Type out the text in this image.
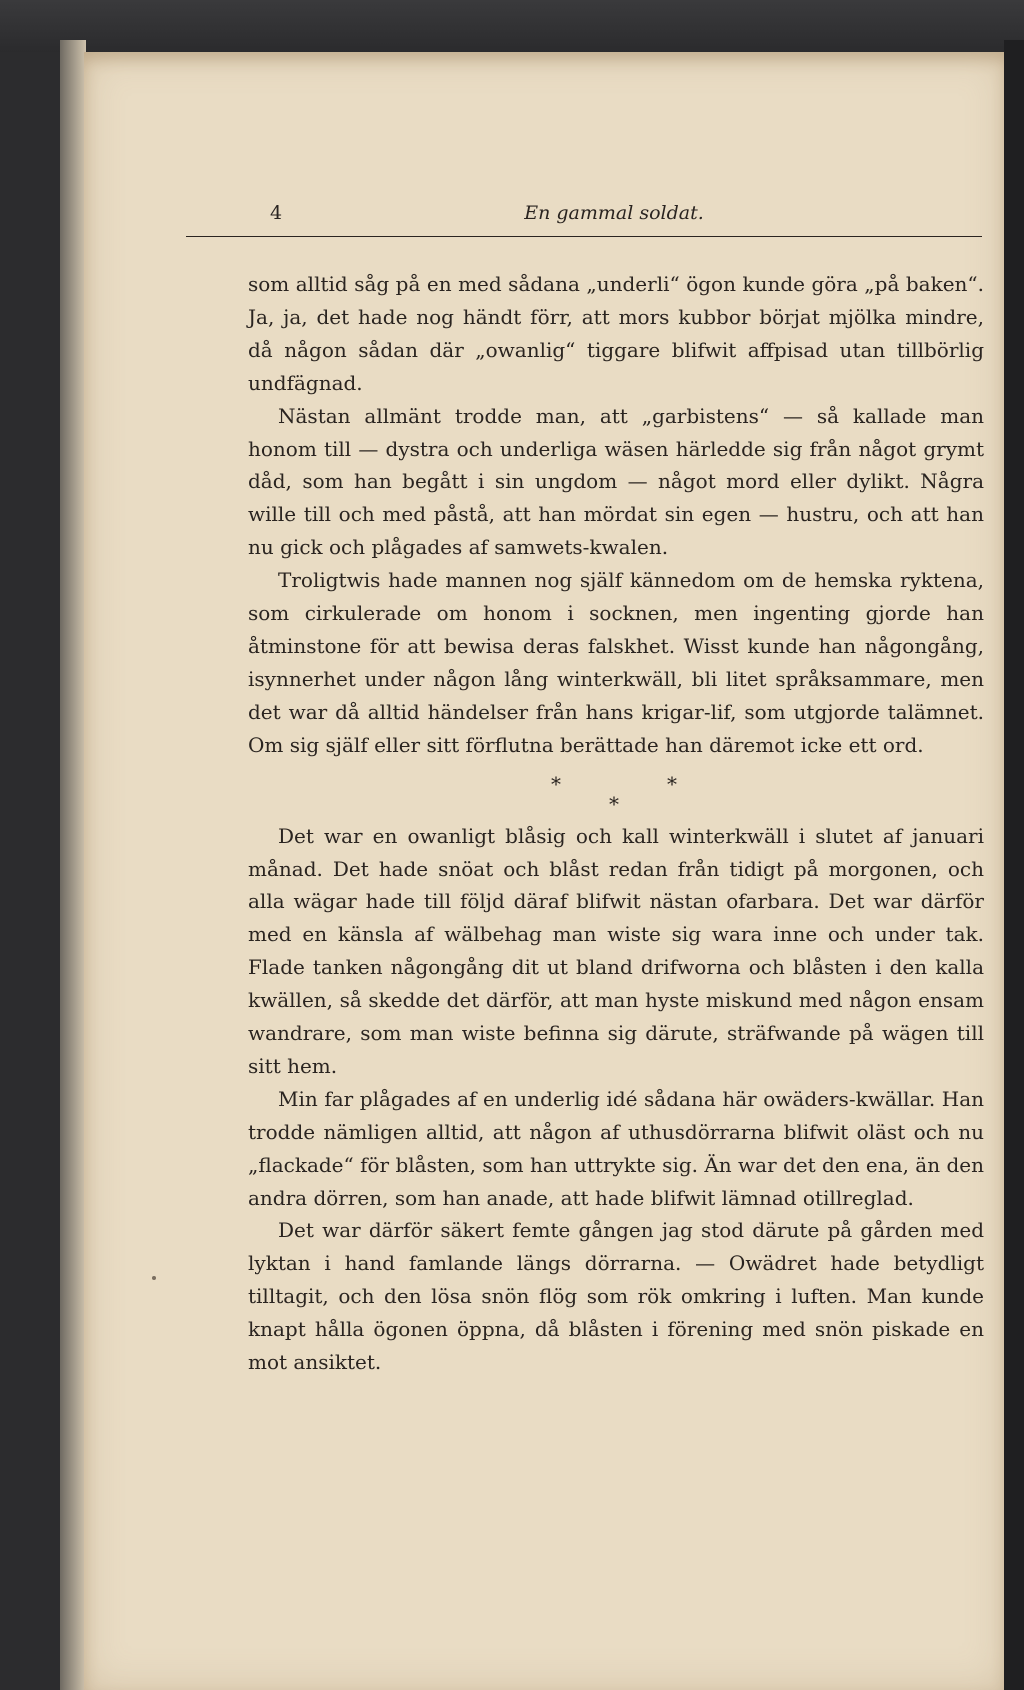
4	En gammal soldat.

som alltid såg på en med sådana „underli“ ögon kunde göra „på baken“. Ja, ja, det hade nog händt förr, att mors kubbor börjat mjölka mindre, då någon sådan där „owanlig“ tiggare blifwit affpisad utan tillbörlig undfägnad.

Nästan allmänt trodde man, att „garbistens“ — så kallade man honom till — dystra och underliga wäsen härledde sig från något grymt dåd, som han begått i sin ungdom — något mord eller dylikt. Några wille till och med påstå, att han mördat sin egen — hustru, och att han nu gick och plågades af samwets-kwalen.

Troligtwis hade mannen nog själf kännedom om de hemska ryktena, som cirkulerade om honom i socknen, men ingenting gjorde han åtminstone för att bewisa deras falskhet. Wisst kunde han någongång, isynnerhet under någon lång winterkwäll, bli litet språksammare, men det war då alltid händelser från hans krigar-lif, som utgjorde talämnet. Om sig själf eller sitt förflutna berättade han däremot icke ett ord.

*	*
*

Det war en owanligt blåsig och kall winterkwäll i slutet af januari månad. Det hade snöat och blåst redan från tidigt på morgonen, och alla wägar hade till följd däraf blifwit nästan ofarbara. Det war därför med en känsla af wälbehag man wiste sig wara inne och under tak. Flade tanken någongång dit ut bland drifworna och blåsten i den kalla kwällen, så skedde det därför, att man hyste miskund med någon ensam wandrare, som man wiste befinna sig därute, sträfwande på wägen till sitt hem.

Min far plågades af en underlig idé sådana här owäders-kwällar. Han trodde nämligen alltid, att någon af uthusdörrarna blifwit oläst och nu „flackade“ för blåsten, som han uttrykte sig. Än war det den ena, än den andra dörren, som han anade, att hade blifwit lämnad otillreglad.

Det war därför säkert femte gången jag stod därute på gården med lyktan i hand famlande längs dörrarna. — Owädret hade betydligt tilltagit, och den lösa snön flög som rök omkring i luften. Man kunde knapt hålla ögonen öppna, då blåsten i förening med snön piskade en mot ansiktet.
